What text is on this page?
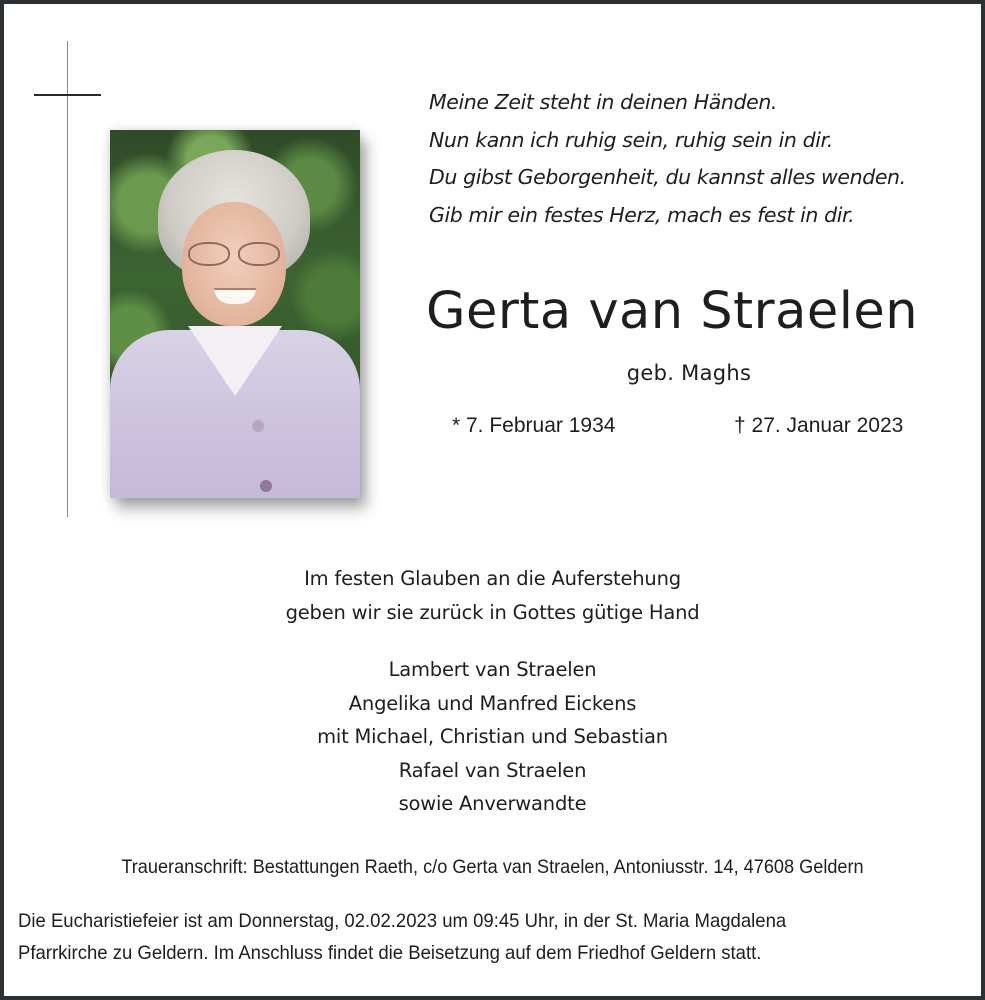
Meine Zeit steht in deinen Händen.
Nun kann ich ruhig sein, ruhig sein in dir.
Du gibst Geborgenheit, du kannst alles wenden.
Gib mir ein festes Herz, mach es fest in dir.
Gerta van Straelen
geb. Maghs
* 7. Februar 1934	† 27. Januar 2023
Im festen Glauben an die Auferstehung
geben wir sie zurück in Gottes gütige Hand
Lambert van Straelen
Angelika und Manfred Eickens
mit Michael, Christian und Sebastian
Rafael van Straelen
sowie Anverwandte
Traueranschrift: Bestattungen Raeth, c/o Gerta van Straelen, Antoniusstr. 14, 47608 Geldern
Die Eucharistiefeier ist am Donnerstag, 02.02.2023 um 09:45 Uhr, in der St. Maria Magdalena
Pfarrkirche zu Geldern. Im Anschluss findet die Beisetzung auf dem Friedhof Geldern statt.
